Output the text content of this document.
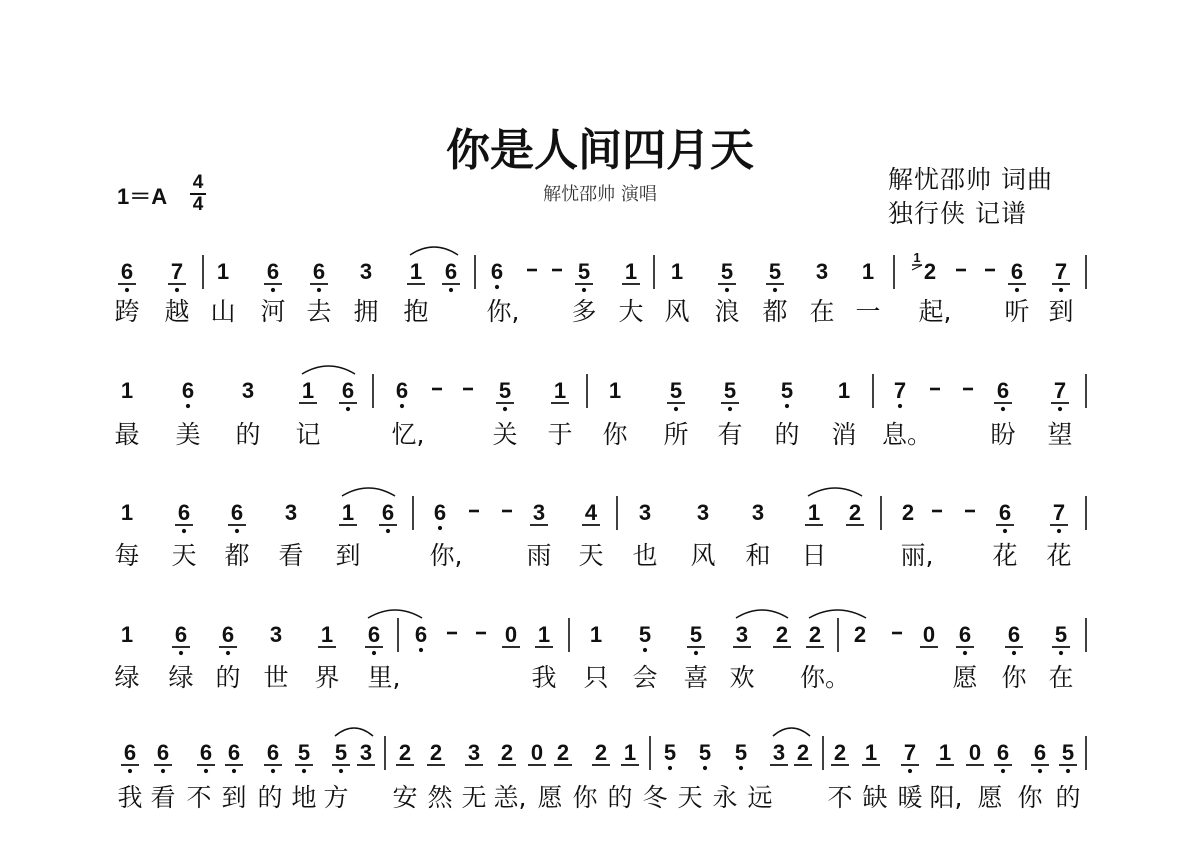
你是人间四月天
解忧邵帅 演唱
解忧邵帅 词曲
独行侠 记谱
1＝A
4
4
1
6 7 1 6 6 3 1 6 6	5 1 1 5 5 3 1 2	6 7
跨 越 山 河 去 拥 抱 你, 多 大 风 浪 都 在 一 起, 听 到
1 6 3 1 6 6	5 1 1 5 5 5 1 7	6 7
最 美 的 记	忆,	关 于 你 所 有 的 消 息。 盼 望
1 6 6 3 1 6 6	3 4 3 3 3 1 2 2	6 7
每 天 都 看 到	你,	雨 天 也 风 和 日	丽, 花 花
1 6 6 3 1 6 6	0 1 1 5 5 3 2 2 2	0 6 6 5
绿 绿 的 世 界 里,	我 只 会 喜 欢 你。	愿 你 在
6 6 6 6 6 5 5 3 2 2 3 2 0 2 2 1 5 5 5 3 2 2 1 7 1 0 6 6 5
我 看 不 到 的 地 方 安 然 无 恙, 愿 你 的 冬 天 永 远 不 缺 暖 阳, 愿 你 的
